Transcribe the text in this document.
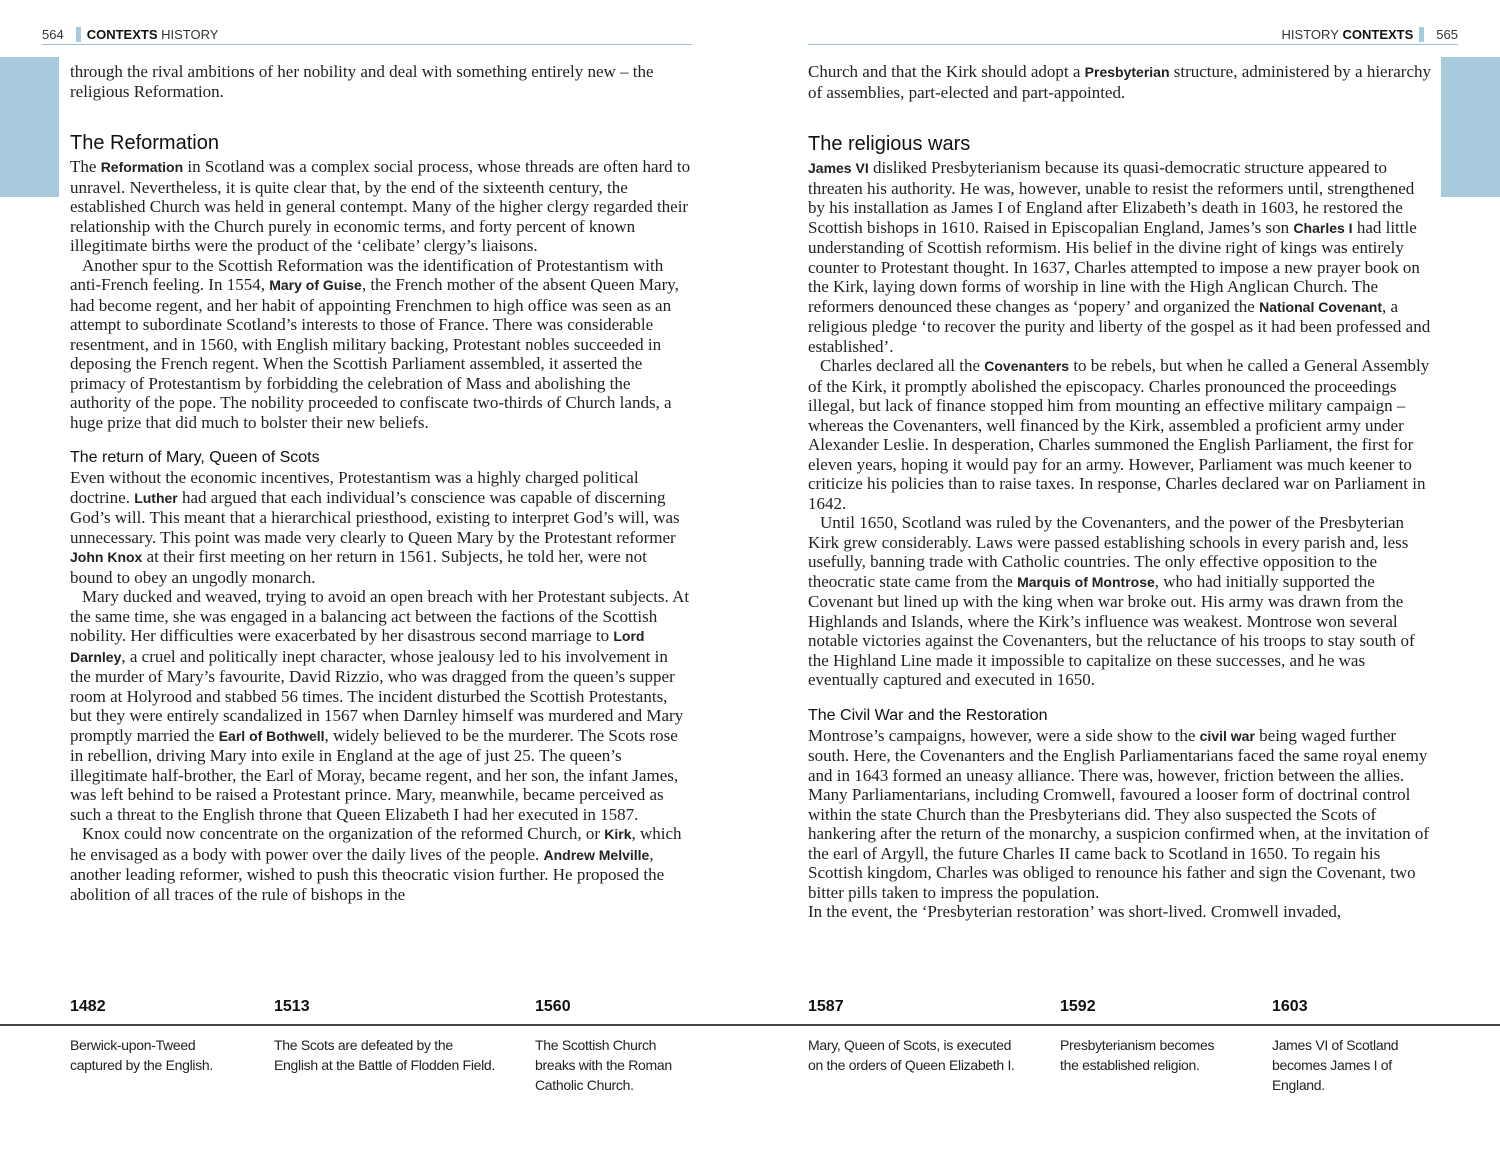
564 CONTEXTS
HISTORY	HISTORY
CONTEXTS 565

through the rival ambitions of her nobility and deal with something entirely new – the religious Reformation.

The Reformation

The Reformation in Scotland was a complex social process, whose threads are often hard to unravel. Nevertheless, it is quite clear that, by the end of the sixteenth century, the established Church was held in general contempt. Many of the higher clergy regarded their relationship with the Church purely in economic terms, and forty percent of known illegitimate births were the product of the ‘celibate’ clergy’s liaisons.

Another spur to the Scottish Reformation was the identification of Protestantism with anti-French feeling. In 1554, Mary of Guise, the French mother of the absent Queen Mary, had become regent, and her habit of appointing Frenchmen to high office was seen as an attempt to subordinate Scotland’s interests to those of France. There was considerable resentment, and in 1560, with English military backing, Protestant nobles succeeded in deposing the French regent. When the Scottish Parliament assembled, it asserted the primacy of Protestantism by forbidding the celebration of Mass and abolishing the authority of the pope. The nobility proceeded to confiscate two-thirds of Church lands, a huge prize that did much to bolster their new beliefs.

The return of Mary, Queen of Scots

Even without the economic incentives, Protestantism was a highly charged political doctrine. Luther had argued that each individual’s conscience was capable of discerning God’s will. This meant that a hierarchical priesthood, existing to interpret God’s will, was unnecessary. This point was made very clearly to Queen Mary by the Protestant reformer John Knox at their first meeting on her return in 1561. Subjects, he told her, were not bound to obey an ungodly monarch.

Mary ducked and weaved, trying to avoid an open breach with her Protestant subjects. At the same time, she was engaged in a balancing act between the factions of the Scottish nobility. Her difficulties were exacerbated by her disastrous second marriage to Lord Darnley, a cruel and politically inept character, whose jealousy led to his involvement in the murder of Mary’s favourite, David Rizzio, who was dragged from the queen’s supper room at Holyrood and stabbed 56 times. The incident disturbed the Scottish Protestants, but they were entirely scandalized in 1567 when Darnley himself was murdered and Mary promptly married the Earl of Bothwell, widely believed to be the murderer. The Scots rose in rebellion, driving Mary into exile in England at the age of just 25. The queen’s illegitimate half-brother, the Earl of Moray, became regent, and her son, the infant James, was left behind to be raised a Protestant prince. Mary, meanwhile, became perceived as such a threat to the English throne that Queen Elizabeth I had her executed in 1587.

Knox could now concentrate on the organization of the reformed Church, or Kirk, which he envisaged as a body with power over the daily lives of the people. Andrew Melville, another leading reformer, wished to push this theocratic vision further. He proposed the abolition of all traces of the rule of bishops in the

Church and that the Kirk should adopt a Presbyterian structure, administered by a hierarchy of assemblies, part-elected and part-appointed.

The religious wars

James VI disliked Presbyterianism because its quasi-democratic structure appeared to threaten his authority. He was, however, unable to resist the reformers until, strengthened by his installation as James I of England after Elizabeth’s death in 1603, he restored the Scottish bishops in 1610. Raised in Episcopalian England, James’s son Charles I had little understanding of Scottish reformism. His belief in the divine right of kings was entirely counter to Protestant thought. In 1637, Charles attempted to impose a new prayer book on the Kirk, laying down forms of worship in line with the High Anglican Church. The reformers denounced these changes as ‘popery’ and organized the National Covenant, a religious pledge ‘to recover the purity and liberty of the gospel as it had been professed and established’.

Charles declared all the Covenanters to be rebels, but when he called a General Assembly of the Kirk, it promptly abolished the episcopacy. Charles pronounced the proceedings illegal, but lack of finance stopped him from mounting an effective military campaign – whereas the Covenanters, well financed by the Kirk, assembled a proficient army under Alexander Leslie. In desperation, Charles summoned the English Parliament, the first for eleven years, hoping it would pay for an army. However, Parliament was much keener to criticize his policies than to raise taxes. In response, Charles declared war on Parliament in 1642.

Until 1650, Scotland was ruled by the Covenanters, and the power of the Presbyterian Kirk grew considerably. Laws were passed establishing schools in every parish and, less usefully, banning trade with Catholic countries. The only effective opposition to the theocratic state came from the Marquis of Montrose, who had initially supported the Covenant but lined up with the king when war broke out. His army was drawn from the Highlands and Islands, where the Kirk’s influence was weakest. Montrose won several notable victories against the Covenanters, but the reluctance of his troops to stay south of the Highland Line made it impossible to capitalize on these successes, and he was eventually captured and executed in 1650.

The Civil War and the Restoration

Montrose’s campaigns, however, were a side show to the civil war being waged further south. Here, the Covenanters and the English Parliamentarians faced the same royal enemy and in 1643 formed an uneasy alliance. There was, however, friction between the allies. Many Parliamentarians, including Cromwell, favoured a looser form of doctrinal control within the state Church than the Presbyterians did. They also suspected the Scots of hankering after the return of the monarchy, a suspicion confirmed when, at the invitation of the earl of Argyll, the future Charles II came back to Scotland in 1650. To regain his Scottish kingdom, Charles was obliged to renounce his father and sign the Covenant, two bitter pills taken to impress the population.

In the event, the ‘Presbyterian restoration’ was short-lived. Cromwell invaded,

1482
Berwick-upon-Tweed captured by the English.
1513
The Scots are defeated by the English at the Battle of Flodden Field.
1560
The Scottish Church breaks with the Roman Catholic Church.
1587
Mary, Queen of Scots, is executed on the orders of Queen Elizabeth I.
1592
Presbyterianism becomes the established religion.
1603
James VI of Scotland becomes James I of England.
